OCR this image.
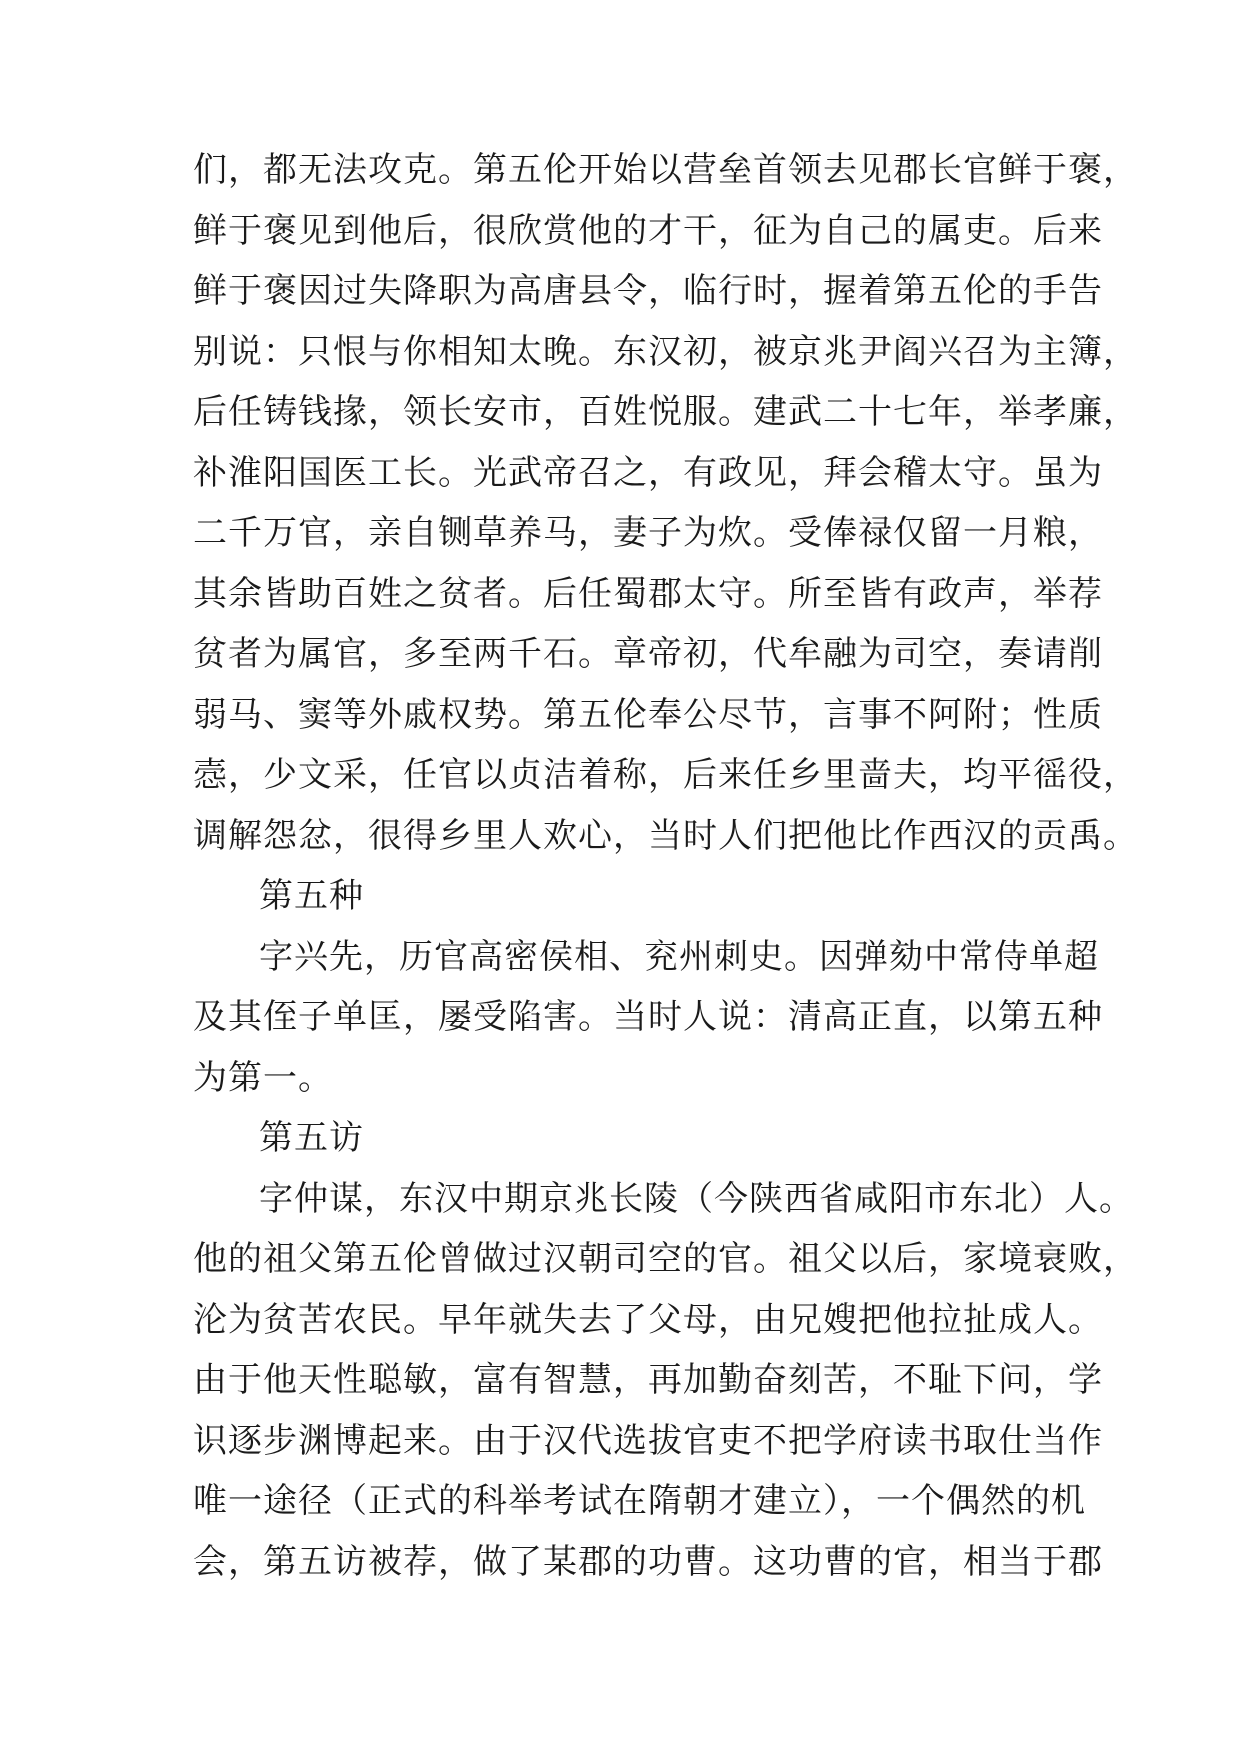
们，都无法攻克。第五伦开始以营垒首领去见郡长官鲜于褒，
鲜于褒见到他后，很欣赏他的才干，征为自己的属吏。后来
鲜于褒因过失降职为高唐县令，临行时，握着第五伦的手告
别说：只恨与你相知太晚。东汉初，被京兆尹阎兴召为主簿，
后任铸钱掾，领长安市，百姓悦服。建武二十七年，举孝廉，
补淮阳国医工长。光武帝召之，有政见，拜会稽太守。虽为
二千万官，亲自铡草养马，妻子为炊。受俸禄仅留一月粮，
其余皆助百姓之贫者。后任蜀郡太守。所至皆有政声，举荐
贫者为属官，多至两千石。章帝初，代牟融为司空，奏请削
弱马、窦等外戚权势。第五伦奉公尽节，言事不阿附；性质
悫，少文采，任官以贞洁着称，后来任乡里啬夫，均平徭役，
调解怨忿，很得乡里人欢心，当时人们把他比作西汉的贡禹。
第五种
字兴先，历官高密侯相、兖州刺史。因弹劾中常侍单超
及其侄子单匡，屡受陷害。当时人说：清高正直，以第五种
为第一。
第五访
字仲谋，东汉中期京兆长陵（今陕西省咸阳市东北）人。
他的祖父第五伦曾做过汉朝司空的官。祖父以后，家境衰败，
沦为贫苦农民。早年就失去了父母，由兄嫂把他拉扯成人。
由于他天性聪敏，富有智慧，再加勤奋刻苦，不耻下问，学
识逐步渊博起来。由于汉代选拔官吏不把学府读书取仕当作
唯一途径（正式的科举考试在隋朝才建立），一个偶然的机
会，第五访被荐，做了某郡的功曹。这功曹的官，相当于郡
